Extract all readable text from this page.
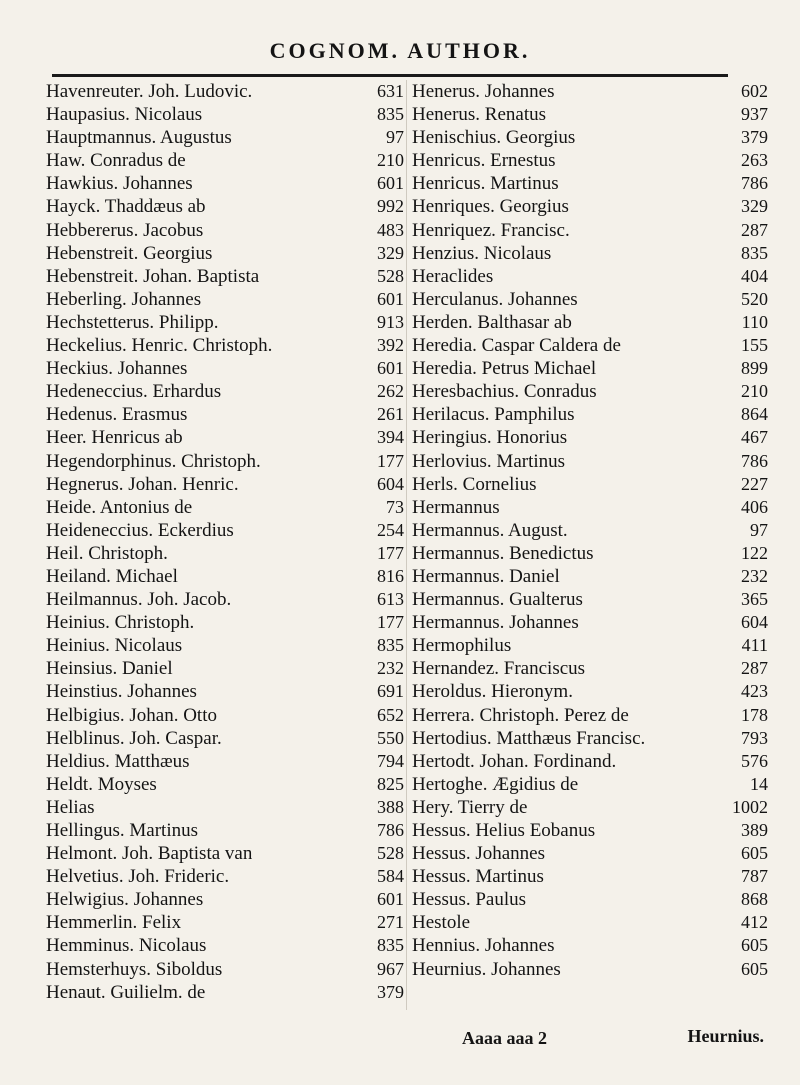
COGNOM. AUTHOR.
Havenreuter. Joh. Ludovic.	631
Haupasius. Nicolaus	835
Hauptmannus. Augustus	97
Haw. Conradus de	210
Hawkius. Johannes	601
Hayck. Thaddæus ab	992
Hebbererus. Jacobus	483
Hebenstreit. Georgius	329
Hebenstreit. Johan. Baptista	528
Heberling. Johannes	601
Hechstetterus. Philipp.	913
Heckelius. Henric. Christoph.	392
Heckius. Johannes	601
Hedeneccius. Erhardus	262
Hedenus. Erasmus	261
Heer. Henricus ab	394
Hegendorphinus. Christoph.	177
Hegnerus. Johan. Henric.	604
Heide. Antonius de	73
Heideneccius. Eckerdius	254
Heil. Christoph.	177
Heiland. Michael	816
Heilmannus. Joh. Jacob.	613
Heinius. Christoph.	177
Heinius. Nicolaus	835
Heinsius. Daniel	232
Heinstius. Johannes	691
Helbigius. Johan. Otto	652
Helblinus. Joh. Caspar.	550
Heldius. Matthæus	794
Heldt. Moyses	825
Helias	388
Hellingus. Martinus	786
Helmont. Joh. Baptista van	528
Helvetius. Joh. Frideric.	584
Helwigius. Johannes	601
Hemmerlin. Felix	271
Hemminus. Nicolaus	835
Hemsterhuys. Siboldus	967
Henaut. Guilielm. de	379
Henerus. Johannes	602
Henerus. Renatus	937
Henischius. Georgius	379
Henricus. Ernestus	263
Henricus. Martinus	786
Henriques. Georgius	329
Henriquez. Francisc.	287
Henzius. Nicolaus	835
Heraclides	404
Herculanus. Johannes	520
Herden. Balthasar ab	110
Heredia. Caspar Caldera de	155
Heredia. Petrus Michael	899
Heresbachius. Conradus	210
Herilacus. Pamphilus	864
Heringius. Honorius	467
Herlovius. Martinus	786
Herls. Cornelius	227
Hermannus	406
Hermannus. August.	97
Hermannus. Benedictus	122
Hermannus. Daniel	232
Hermannus. Gualterus	365
Hermannus. Johannes	604
Hermophilus	411
Hernandez. Franciscus	287
Heroldus. Hieronym.	423
Herrera. Christoph. Perez de	178
Hertodius. Matthæus Francisc.	793
Hertodt. Johan. Fordinand.	576
Hertoghe. Ægidius de	14
Hery. Tierry de	1002
Hessus. Helius Eobanus	389
Hessus. Johannes	605
Hessus. Martinus	787
Hessus. Paulus	868
Hestole	412
Hennius. Johannes	605
Heurnius. Johannes	605
Aaaa aaa 2	Heurnius.
